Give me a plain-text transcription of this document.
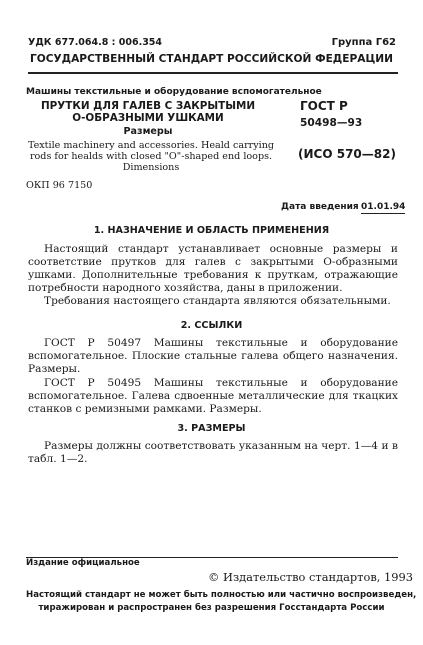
УДК 677.064.8 : 006.354	Группа Г62
ГОСУДАРСТВЕННЫЙ СТАНДАРТ РОССИЙСКОЙ ФЕДЕРАЦИИ
Машины текстильные и оборудование вспомогательное
ПРУТКИ ДЛЯ ГАЛЕВ С ЗАКРЫТЫМИ
О-ОБРАЗНЫМИ УШКАМИ
Размеры
Textile machinery and accessories. Heald carrying
rods for healds with closed "O"-shaped end loops.
Dimensions
ГОСТ Р
50498—93
(ИСО 570—82)
ОКП 96 7150
Дата введения 01.01.94
1. НАЗНАЧЕНИЕ И ОБЛАСТЬ ПРИМЕНЕНИЯ
Настоящий стандарт устанавливает основные размеры и соответствие прутков для галев с закрытыми О-образными ушками. Дополнительные требования к пруткам, отражающие потребности народного хозяйства, даны в приложении.
Требования настоящего стандарта являются обязательными.
2. ССЫЛКИ
ГОСТ Р 50497 Машины текстильные и оборудование вспомогательное. Плоские стальные галева общего назначения. Размеры.
ГОСТ Р 50495 Машины текстильные и оборудование вспомогательное. Галева сдвоенные металлические для ткацких станков с ремизными рамками. Размеры.
3. РАЗМЕРЫ
Размеры должны соответствовать указанным на черт. 1—4 и в табл. 1—2.
Издание официальное
© Издательство стандартов, 1993
Настоящий стандарт не может быть полностью или частично воспроизведен,
тиражирован и распространен без разрешения Госстандарта России
